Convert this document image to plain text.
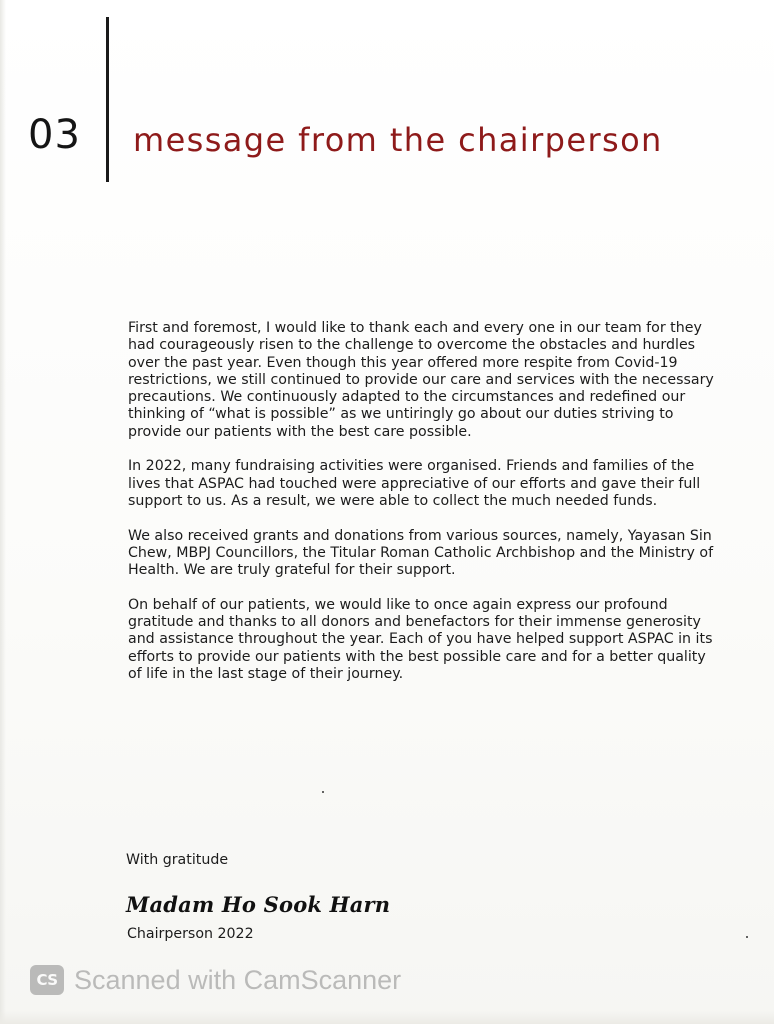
03 message from the chairperson

First and foremost, I would like to thank each and every one in our team for they had courageously risen to the challenge to overcome the obstacles and hurdles over the past year. Even though this year offered more respite from Covid-19 restrictions, we still continued to provide our care and services with the necessary precautions. We continuously adapted to the circumstances and redefined our thinking of “what is possible” as we untiringly go about our duties striving to provide our patients with the best care possible.

In 2022, many fundraising activities were organised. Friends and families of the lives that ASPAC had touched were appreciative of our efforts and gave their full support to us. As a result, we were able to collect the much needed funds.

We also received grants and donations from various sources, namely, Yayasan Sin Chew, MBPJ Councillors, the Titular Roman Catholic Archbishop and the Ministry of Health. We are truly grateful for their support.

On behalf of our patients, we would like to once again express our profound gratitude and thanks to all donors and benefactors for their immense generosity and assistance throughout the year. Each of you have helped support ASPAC in its efforts to provide our patients with the best possible care and for a better quality of life in the last stage of their journey.

With gratitude
Madam Ho Sook Harn
Chairperson 2022
CS Scanned with CamScanner
